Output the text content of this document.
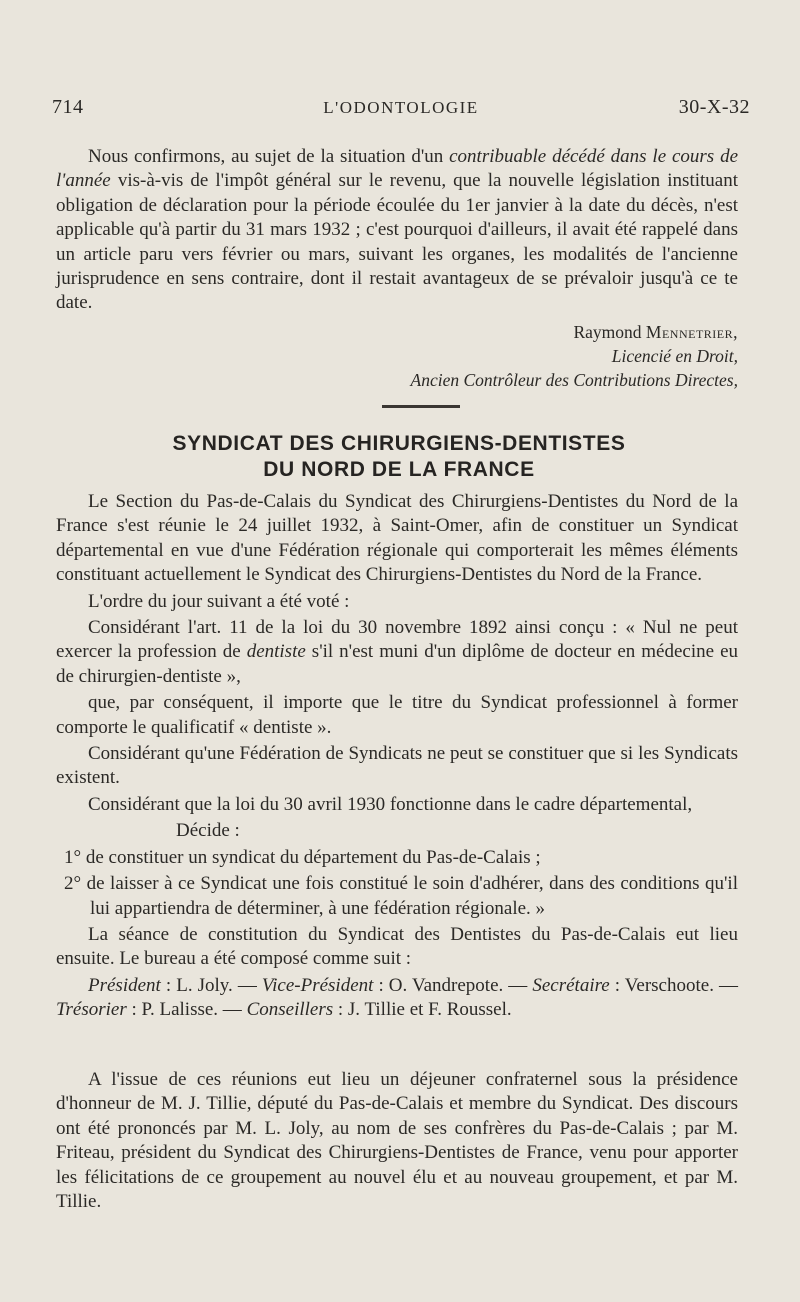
714	L'ODONTOLOGIE	30-X-32

Nous confirmons, au sujet de la situation d'un contribuable décédé dans le cours de l'année vis-à-vis de l'impôt général sur le revenu, que la nouvelle législation instituant obligation de déclaration pour la période écoulée du 1er janvier à la date du décès, n'est applicable qu'à partir du 31 mars 1932 ; c'est pourquoi d'ailleurs, il avait été rappelé dans un article paru vers février ou mars, suivant les organes, les modalités de l'ancienne jurisprudence en sens contraire, dont il restait avantageux de se prévaloir jusqu'à ce te date.

Raymond Mennetrier,
Licencié en Droit,
Ancien Contrôleur des Contributions Directes,
SYNDICAT DES CHIRURGIENS-DENTISTES
DU NORD DE LA FRANCE

Le Section du Pas-de-Calais du Syndicat des Chirurgiens-Dentistes du Nord de la France s'est réunie le 24 juillet 1932, à Saint-Omer, afin de constituer un Syndicat départemental en vue d'une Fédération régionale qui comporterait les mêmes éléments constituant actuellement le Syndicat des Chirurgiens-Dentistes du Nord de la France.

L'ordre du jour suivant a été voté :

Considérant l'art. 11 de la loi du 30 novembre 1892 ainsi conçu : « Nul ne peut exercer la profession de dentiste s'il n'est muni d'un diplôme de docteur en médecine eu de chirurgien-dentiste »,

que, par conséquent, il importe que le titre du Syndicat professionnel à former comporte le qualificatif « dentiste ».

Considérant qu'une Fédération de Syndicats ne peut se constituer que si les Syndicats existent.

Considérant que la loi du 30 avril 1930 fonctionne dans le cadre départemental,

Décide :

1° de constituer un syndicat du département du Pas-de-Calais ;

2° de laisser à ce Syndicat une fois constitué le soin d'adhérer, dans des conditions qu'il lui appartiendra de déterminer, à une fédération régionale. »

La séance de constitution du Syndicat des Dentistes du Pas-de-Calais eut lieu ensuite. Le bureau a été composé comme suit :

Président : L. Joly. — Vice-Président : O. Vandrepote. — Secrétaire : Verschoote. — Trésorier : P. Lalisse. — Conseillers : J. Tillie et F. Roussel.

A l'issue de ces réunions eut lieu un déjeuner confraternel sous la présidence d'honneur de M. J. Tillie, député du Pas-de-Calais et membre du Syndicat. Des discours ont été prononcés par M. L. Joly, au nom de ses confrères du Pas-de-Calais ; par M. Friteau, président du Syndicat des Chirurgiens-Dentistes de France, venu pour apporter les félicitations de ce groupement au nouvel élu et au nouveau groupement, et par M. Tillie.
